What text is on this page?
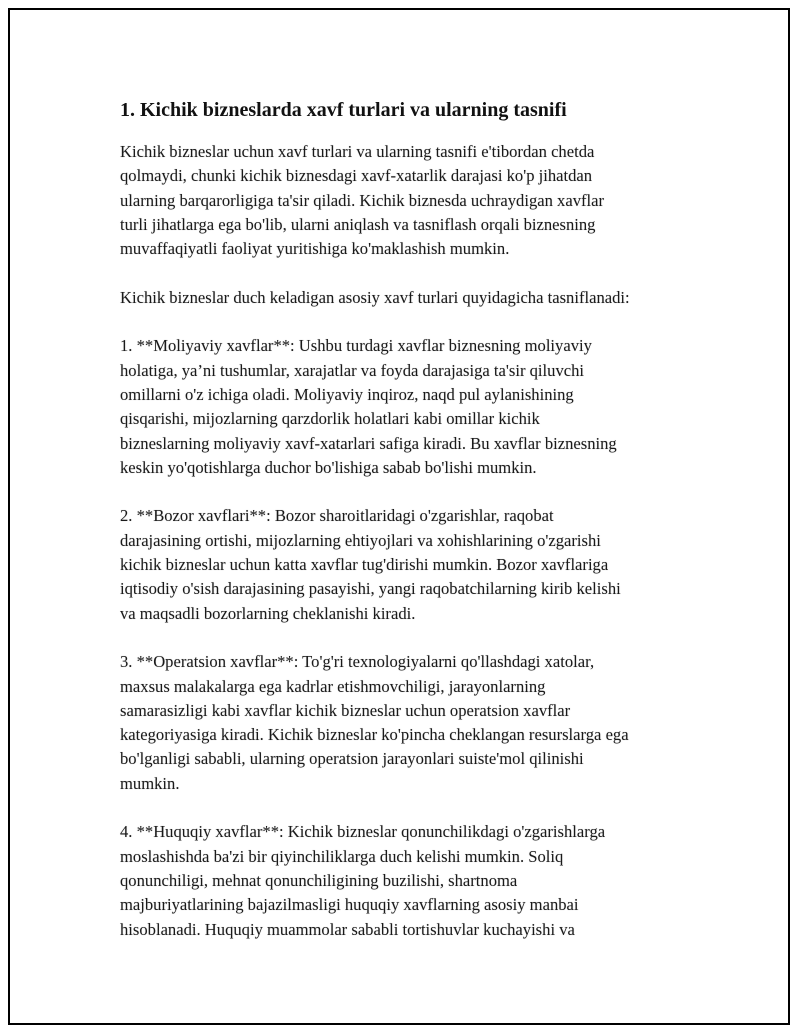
1. Kichik bizneslarda xavf turlari va ularning tasnifi

Kichik bizneslar uchun xavf turlari va ularning tasnifi e'tibordan chetda
qolmaydi, chunki kichik biznesdagi xavf-xatarlik darajasi ko'p jihatdan
ularning barqarorligiga ta'sir qiladi. Kichik biznesda uchraydigan xavflar
turli jihatlarga ega bo'lib, ularni aniqlash va tasniflash orqali biznesning
muvaffaqiyatli faoliyat yuritishiga ko'maklashish mumkin.

Kichik bizneslar duch keladigan asosiy xavf turlari quyidagicha tasniflanadi:

1. **Moliyaviy xavflar**: Ushbu turdagi xavflar biznesning moliyaviy
holatiga, ya’ni tushumlar, xarajatlar va foyda darajasiga ta'sir qiluvchi
omillarni o'z ichiga oladi. Moliyaviy inqiroz, naqd pul aylanishining
qisqarishi, mijozlarning qarzdorlik holatlari kabi omillar kichik
bizneslarning moliyaviy xavf-xatarlari safiga kiradi. Bu xavflar biznesning
keskin yo'qotishlarga duchor bo'lishiga sabab bo'lishi mumkin.

2. **Bozor xavflari**: Bozor sharoitlaridagi o'zgarishlar, raqobat
darajasining ortishi, mijozlarning ehtiyojlari va xohishlarining o'zgarishi
kichik bizneslar uchun katta xavflar tug'dirishi mumkin. Bozor xavflariga
iqtisodiy o'sish darajasining pasayishi, yangi raqobatchilarning kirib kelishi
va maqsadli bozorlarning cheklanishi kiradi.

3. **Operatsion xavflar**: To'g'ri texnologiyalarni qo'llashdagi xatolar,
maxsus malakalarga ega kadrlar etishmovchiligi, jarayonlarning
samarasizligi kabi xavflar kichik bizneslar uchun operatsion xavflar
kategoriyasiga kiradi. Kichik bizneslar ko'pincha cheklangan resurslarga ega
bo'lganligi sababli, ularning operatsion jarayonlari suiste'mol qilinishi
mumkin.

4. **Huquqiy xavflar**: Kichik bizneslar qonunchilikdagi o'zgarishlarga
moslashishda ba'zi bir qiyinchiliklarga duch kelishi mumkin. Soliq
qonunchiligi, mehnat qonunchiligining buzilishi, shartnoma
majburiyatlarining bajazilmasligi huquqiy xavflarning asosiy manbai
hisoblanadi. Huquqiy muammolar sababli tortishuvlar kuchayishi va
